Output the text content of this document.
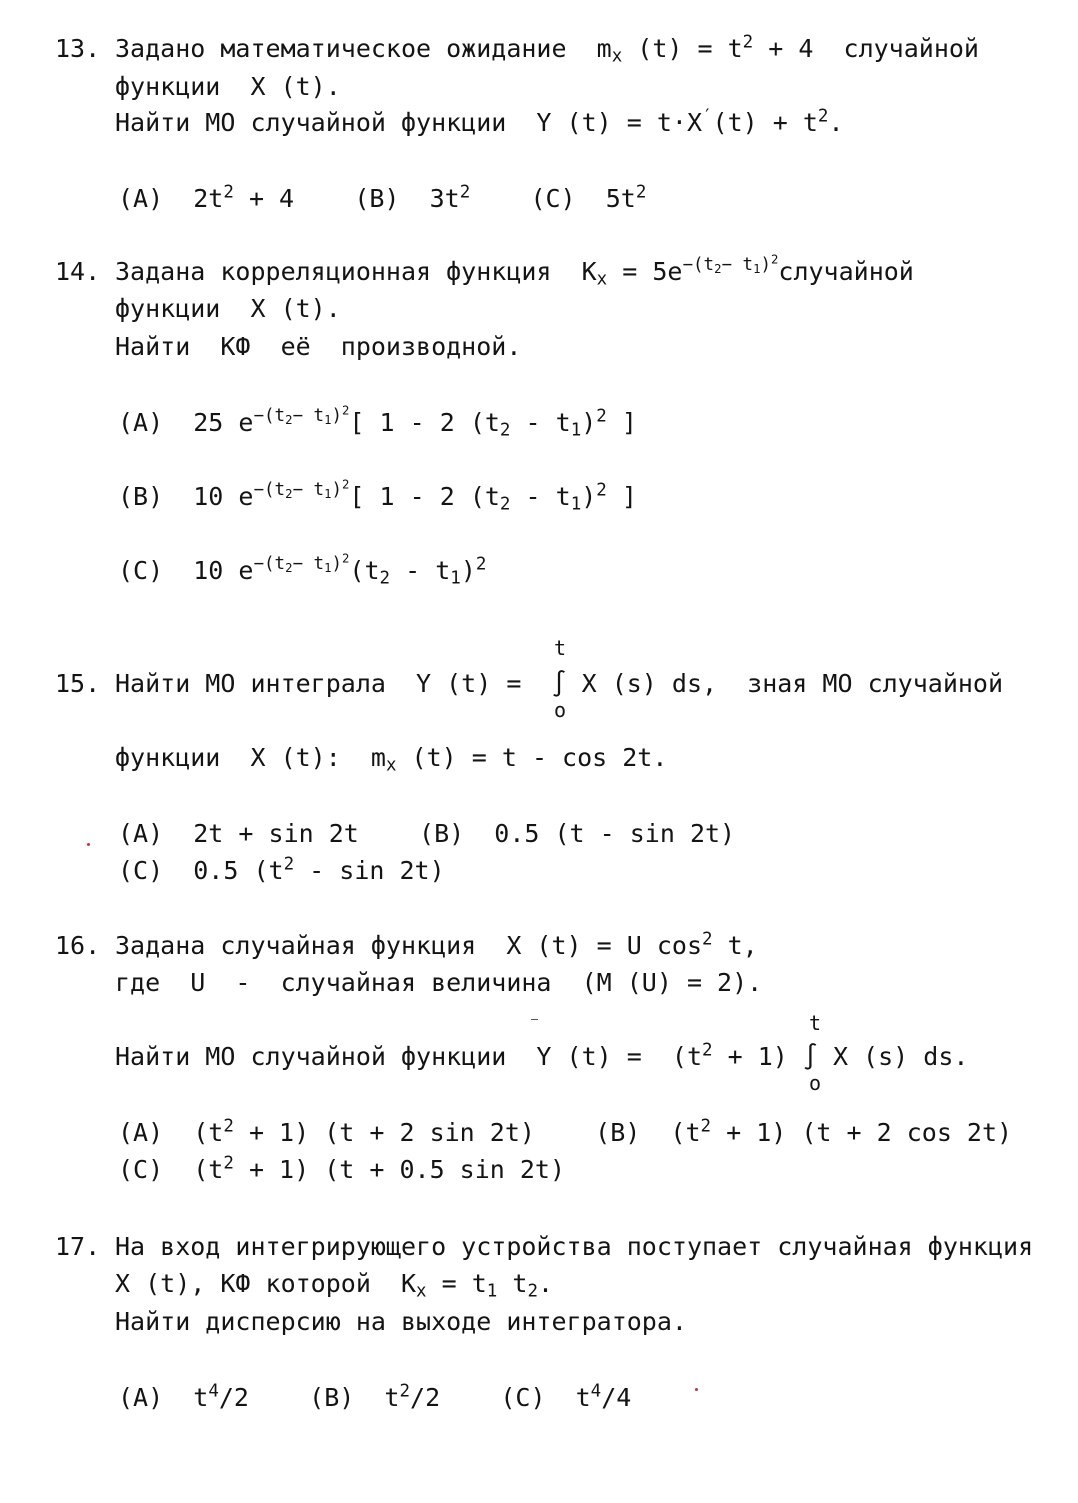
13. Задано математическое ожидание  $m_x$ $(t) = t^2 + 4$  случайной
функции  X (t).
Найти МО случайной функции  Y $(t) = t\cdot X'(t) + t^2$.
(A)  $2t^2 + 4$    (B)  $3t^2$    (C)  $5t^2$
14. Задана корреляционная функция  $K_x$ = $5e^{-(t_2- t_1)^2}случайной$
функции  X (t).
Найти  КФ  её  производной.
(A)  25 $e^{-(t_2- t_1)^2}$[ 1 - 2 $(t_2 - t_1)^2$ ]
(B)  10 $e^{-(t_2- t_1)^2}$[ 1 - 2 $(t_2 - t_1)^2$ ]
(C)  10 $e^{-(t_2- t_1)^2}(t_2 - t_1)^2$
t
15. Найти МО интеграла  Y (t) =  ∫ X (s) ds,  зная МО случайной
o
функции  X (t):  $m_x$ (t) = t - cos 2t.
(A)  2t + sin 2t    (B)  0.5 (t - sin 2t)
(C)  0.5 ($t^2$ - sin 2t)
16. Задана случайная функция  X (t) = U $\cos^2 t$,
где  U  -  случайная величина  (M (U) = 2).
t
Найти МО случайной функции  Y $(t) = (t^2 + 1)$ ∫ X (s) ds.
o
(A)  $(t^2 + 1) (t + 2$ sin 2t)    (B)  $(t^2 + 1) (t + 2$ cos 2t)
(C)  $(t^2 + 1) (t + 0.5$ sin 2t)
17. На вход интегрирующего устройства поступает случайная функция
X (t), КФ которой  $K_x = t_1$ $t_2$.
Найти дисперсию на выходе интегратора.
(A)  $t^4/2$    (B)  $t^2/2$    (C)  $t^4/4$
